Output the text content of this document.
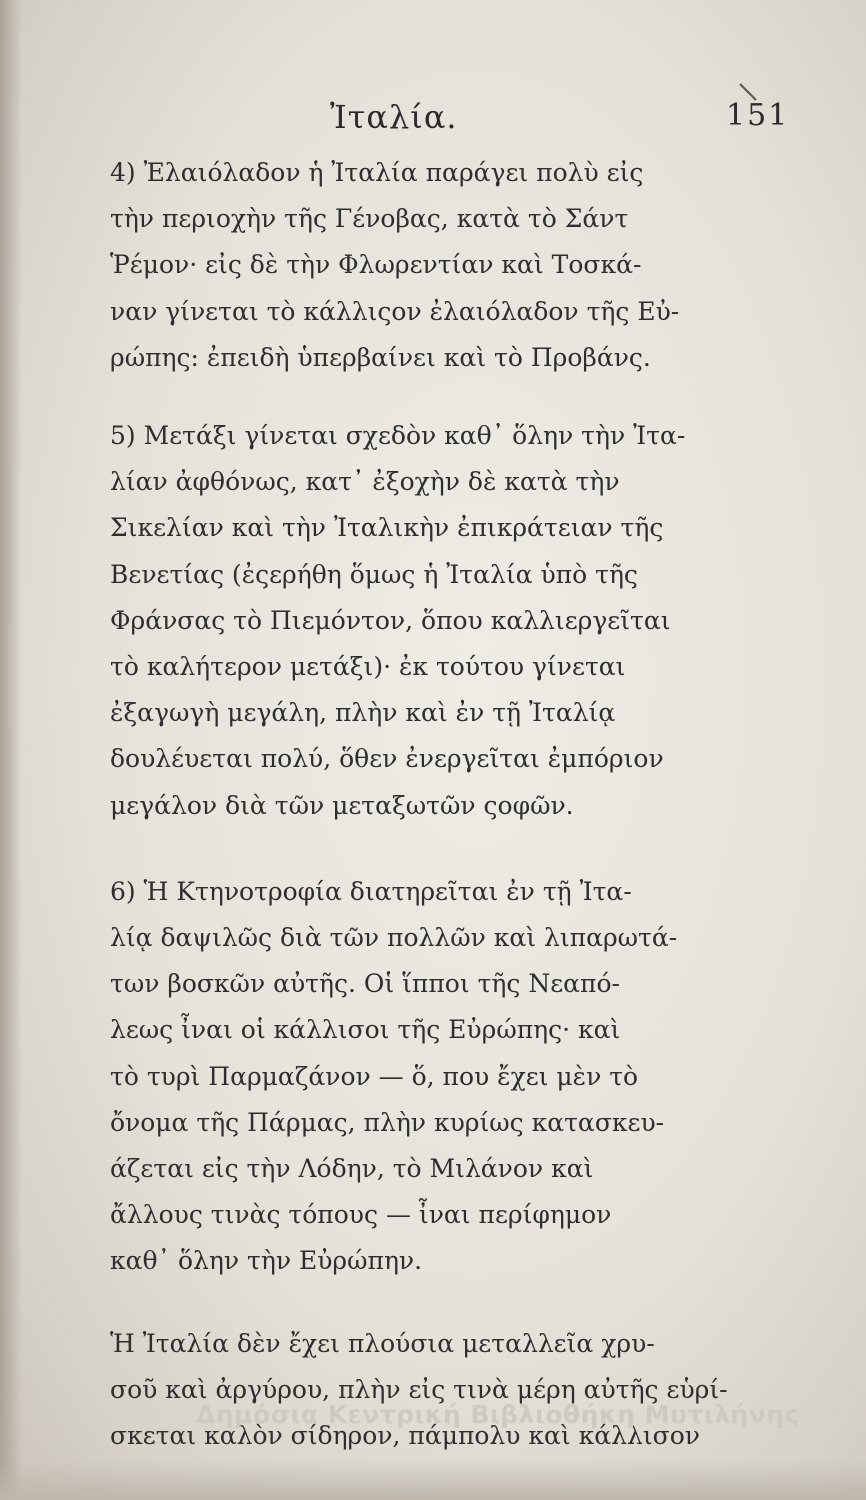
Ἰταλία.	151
4) Ἐλαιόλαδον ἡ Ἰταλία παράγει πολὺ εἰς
τὴν περιοχὴν τῆς Γένοβας, κατὰ τὸ Σάντ
Ῥέμον· εἰς δὲ τὴν Φλωρεντίαν καὶ Τοσκά-
ναν γίνεται τὸ κάλλιςον ἐλαιόλαδον τῆς Εὐ-
ρώπης: ἐπειδὴ ὑπερβαίνει καὶ τὸ Προβάνς.
5) Μετάξι γίνεται σχεδὸν καθ᾽ ὅλην τὴν Ἰτα-
λίαν ἀφθόνως, κατ᾽ ἐξοχὴν δὲ κατὰ τὴν
Σικελίαν καὶ τὴν Ἰταλικὴν ἐπικράτειαν τῆς
Βενετίας (ἐςερήθη ὅμως ἡ Ἰταλία ὑπὸ τῆς
Φράνσας τὸ Πιεμόντον, ὅπου καλλιεργεῖται
τὸ καλήτερον μετάξι)· ἐκ τούτου γίνεται
ἐξαγωγὴ μεγάλη, πλὴν καὶ ἐν τῇ Ἰταλίᾳ
δουλέυεται πολύ, ὅθεν ἐνεργεῖται ἐμπόριον
μεγάλον διὰ τῶν μεταξωτῶν ςοφῶν.
6) Ἡ Κτηνοτροφία διατηρεῖται ἐν τῇ Ἰτα-
λίᾳ δαψιλῶς διὰ τῶν πολλῶν καὶ λιπαρωτά-
των βοσκῶν αὐτῆς. Οἱ ἵπποι τῆς Νεαπό-
λεως ἶναι οἱ κάλλισοι τῆς Εὐρώπης· καὶ
τὸ τυρὶ Παρμαζάνον — ὅ, που ἔχει μὲν τὸ
ὄνομα τῆς Πάρμας, πλὴν κυρίως κατασκευ-
άζεται εἰς τὴν Λόδην, τὸ Μιλάνον καὶ
ἄλλους τινὰς τόπους — ἶναι περίφημον
καθ᾽ ὅλην τὴν Εὐρώπην.
Ἡ Ἰταλία δὲν ἔχει πλούσια μεταλλεῖα χρυ-
σοῦ καὶ ἀργύρου, πλὴν εἰς τινὰ μέρη αὐτῆς εὑρί-
σκεται καλὸν σίδηρον, πάμπολυ καὶ κάλλισον
Δημόσια Κεντρική Βιβλιοθήκη Μυτιλήνης
